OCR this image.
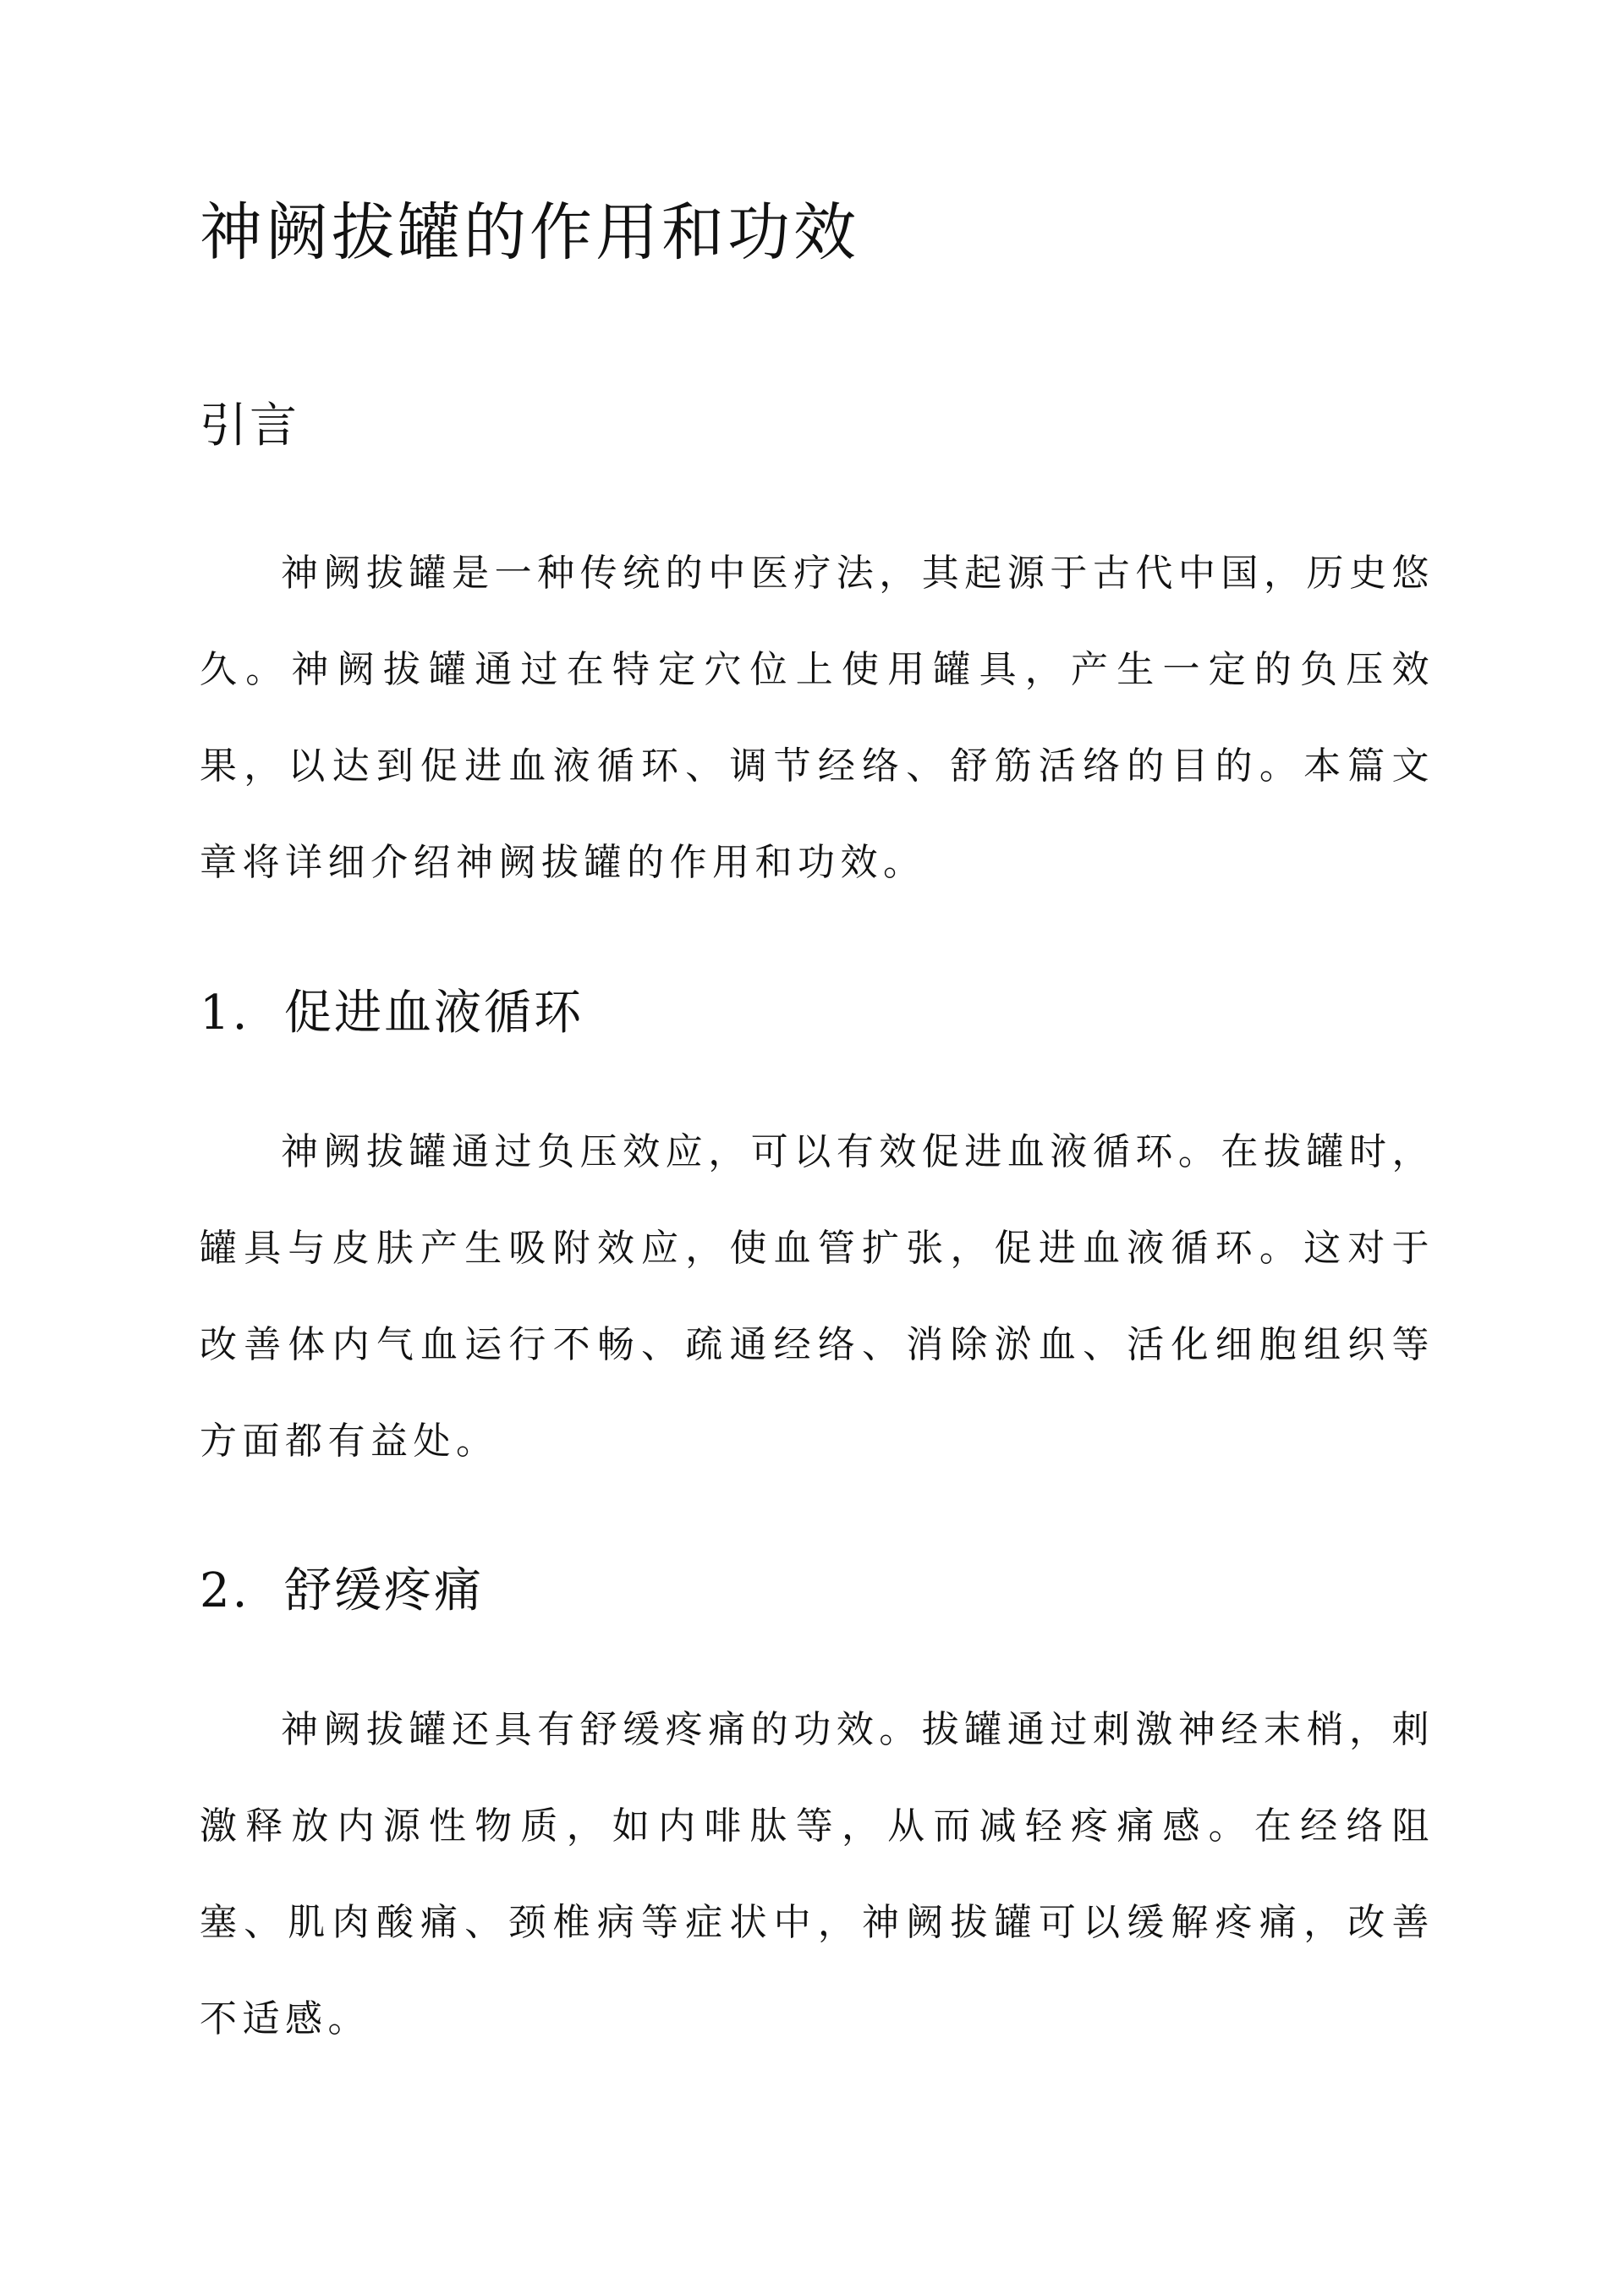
神阙拔罐的作用和功效
引言

神阙拔罐是一种传统的中医疗法，其起源于古代中国，历史悠久。神阙拔罐通过在特定穴位上使用罐具，产生一定的负压效果，以达到促进血液循环、调节经络、舒筋活络的目的。本篇文章将详细介绍神阙拔罐的作用和功效。

1. 促进血液循环

神阙拔罐通过负压效应，可以有效促进血液循环。在拔罐时，罐具与皮肤产生吸附效应，使血管扩张，促进血液循环。这对于改善体内气血运行不畅、疏通经络、消除淤血、活化细胞组织等方面都有益处。

2. 舒缓疼痛

神阙拔罐还具有舒缓疼痛的功效。拔罐通过刺激神经末梢，刺激释放内源性物质，如内啡肽等，从而减轻疼痛感。在经络阻塞、肌肉酸痛、颈椎病等症状中，神阙拔罐可以缓解疼痛，改善不适感。
